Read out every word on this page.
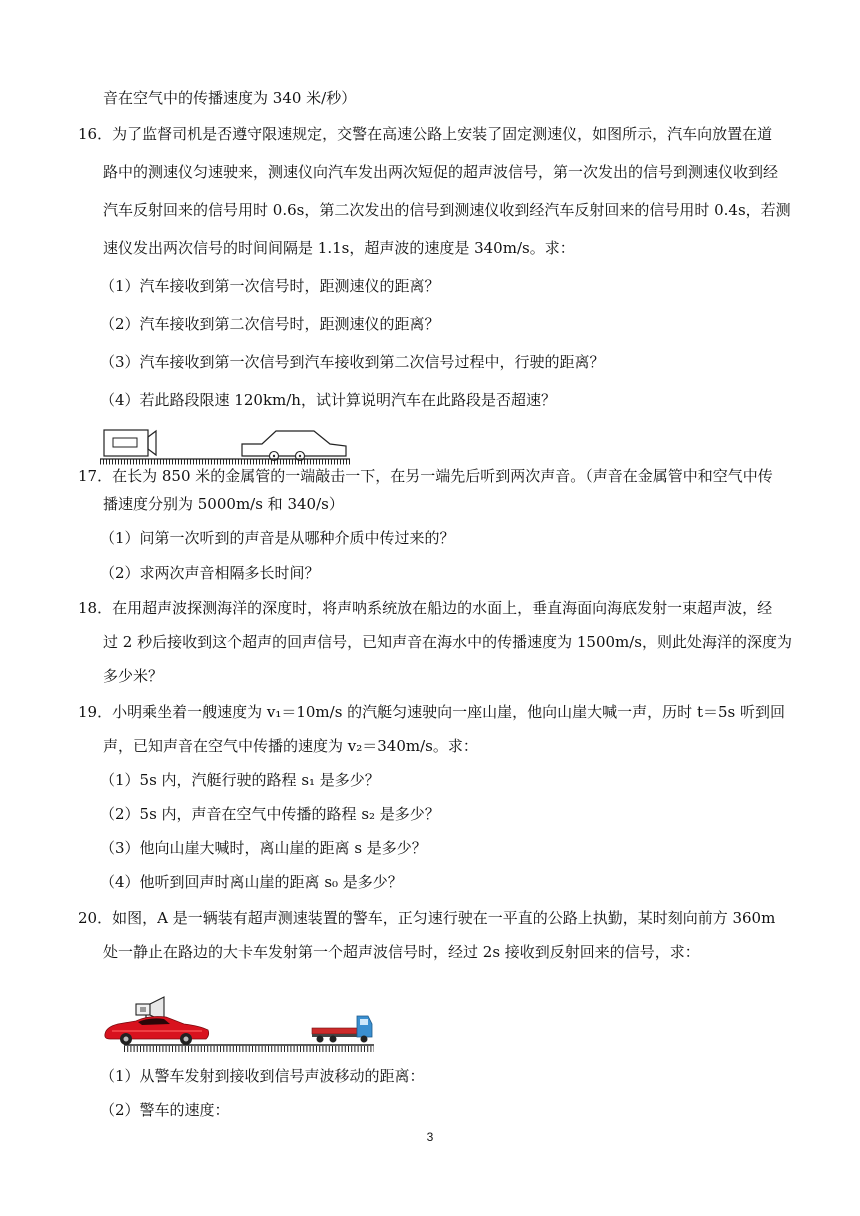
音在空气中的传播速度为 340 米/秒）
16．为了监督司机是否遵守限速规定，交警在高速公路上安装了固定测速仪，如图所示，汽车向放置在道
路中的测速仪匀速驶来，测速仪向汽车发出两次短促的超声波信号，第一次发出的信号到测速仪收到经
汽车反射回来的信号用时 0.6s，第二次发出的信号到测速仪收到经汽车反射回来的信号用时 0.4s，若测
速仪发出两次信号的时间间隔是 1.1s，超声波的速度是 340m/s。求：
（1）汽车接收到第一次信号时，距测速仪的距离？
（2）汽车接收到第二次信号时，距测速仪的距离？
（3）汽车接收到第一次信号到汽车接收到第二次信号过程中，行驶的距离？
（4）若此路段限速 120km/h，试计算说明汽车在此路段是否超速？
17．在长为 850 米的金属管的一端敲击一下，在另一端先后听到两次声音。（声音在金属管中和空气中传
播速度分别为 5000m/s 和 340/s）
（1）问第一次听到的声音是从哪种介质中传过来的？
（2）求两次声音相隔多长时间？
18．在用超声波探测海洋的深度时，将声呐系统放在船边的水面上，垂直海面向海底发射一束超声波，经
过 2 秒后接收到这个超声的回声信号，已知声音在海水中的传播速度为 1500m/s，则此处海洋的深度为
多少米？
19．小明乘坐着一艘速度为 v₁＝10m/s 的汽艇匀速驶向一座山崖，他向山崖大喊一声，历时 t＝5s 听到回
声，已知声音在空气中传播的速度为 v₂＝340m/s。求：
（1）5s 内，汽艇行驶的路程 s₁ 是多少？
（2）5s 内，声音在空气中传播的路程 s₂ 是多少？
（3）他向山崖大喊时，离山崖的距离 s 是多少？
（4）他听到回声时离山崖的距离 s₀ 是多少？
20．如图，A 是一辆装有超声测速装置的警车，正匀速行驶在一平直的公路上执勤，某时刻向前方 360m
处一静止在路边的大卡车发射第一个超声波信号时，经过 2s 接收到反射回来的信号，求：
（1）从警车发射到接收到信号声波移动的距离：
（2）警车的速度：
3
